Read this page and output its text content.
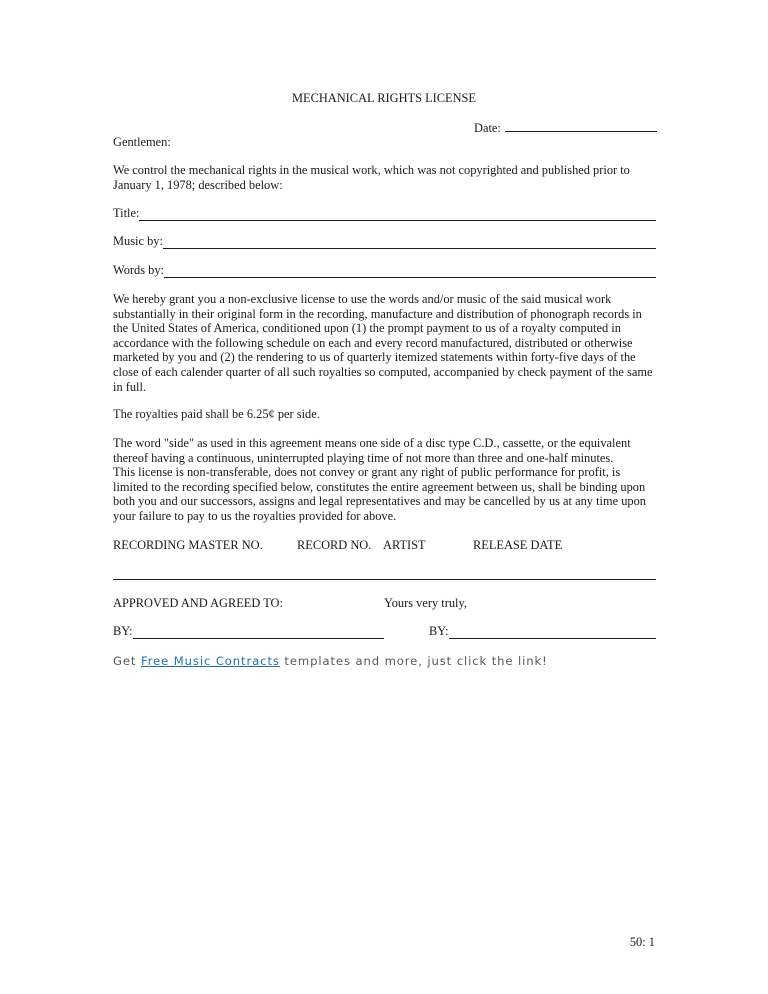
MECHANICAL RIGHTS LICENSE
Date:
Gentlemen:
We control the mechanical rights in the musical work, which was not copyrighted and published prior to January 1, 1978; described below:
Title:
Music by:
Words by:
We hereby grant you a non-exclusive license to use the words and/or music of the said musical work substantially in their original form in the recording, manufacture and distribution of phonograph records in the United States of America, conditioned upon (1) the prompt payment to us of a royalty computed in accordance with the following schedule on each and every record manufactured, distributed or otherwise marketed by you and (2) the rendering to us of quarterly itemized statements within forty-five days of the close of each calender quarter of all such royalties so computed, accompanied by check payment of the same in full.
The royalties paid shall be 6.25¢ per side.
The word "side" as used in this agreement means one side of a disc type C.D., cassette, or the equivalent thereof having a continuous, uninterrupted playing time of not more than three and one-half minutes.
This license is non-transferable, does not convey or grant any right of public performance for profit, is limited to the recording specified below, constitutes the entire agreement between us, shall be binding upon both you and our successors, assigns and legal representatives and may be cancelled by us at any time upon your failure to pay to us the royalties provided for above.
RECORDING MASTER NO.	RECORD NO. ARTIST	RELEASE DATE
APPROVED AND AGREED TO:	Yours very truly,
BY:	BY:
Get Free Music Contracts templates and more, just click the link!
50: 1
